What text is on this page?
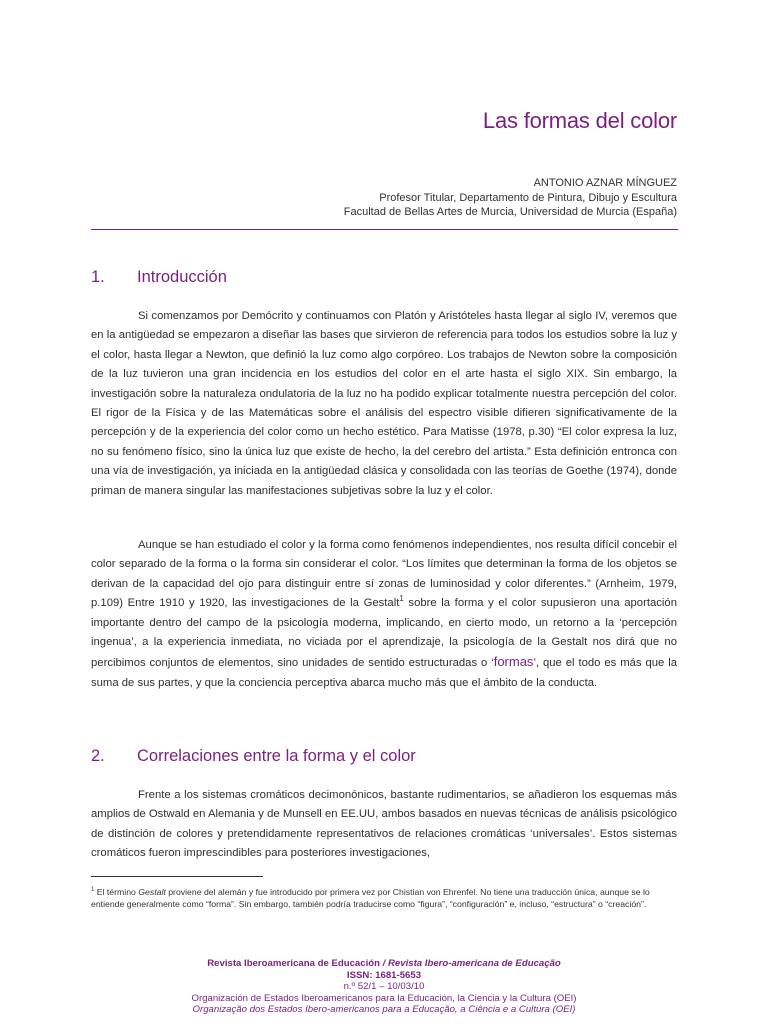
Las formas del color
ANTONIO AZNAR MÍNGUEZ
Profesor Titular, Departamento de Pintura, Dibujo y Escultura
Facultad de Bellas Artes de Murcia, Universidad de Murcia (España)
1. Introducción

Si comenzamos por Demócrito y continuamos con Platón y Aristóteles hasta llegar al siglo IV, veremos que en la antigüedad se empezaron a diseñar las bases que sirvieron de referencia para todos los estudios sobre la luz y el color, hasta llegar a Newton, que definió la luz como algo corpóreo. Los trabajos de Newton sobre la composición de la luz tuvieron una gran incidencia en los estudios del color en el arte hasta el siglo XIX. Sin embargo, la investigación sobre la naturaleza ondulatoria de la luz no ha podido explicar totalmente nuestra percepción del color. El rigor de la Física y de las Matemáticas sobre el análisis del espectro visible difieren significativamente de la percepción y de la experiencia del color como un hecho estético. Para Matisse (1978, p.30) “El color expresa la luz, no su fenómeno físico, sino la única luz que existe de hecho, la del cerebro del artista.” Esta definición entronca con una vía de investigación, ya iniciada en la antigüedad clásica y consolidada con las teorías de Goethe (1974), donde priman de manera singular las manifestaciones subjetivas sobre la luz y el color.

Aunque se han estudiado el color y la forma como fenómenos independientes, nos resulta difícil concebir el color separado de la forma o la forma sin considerar el color. “Los límites que determinan la forma de los objetos se derivan de la capacidad del ojo para distinguir entre sí zonas de luminosidad y color diferentes.” (Arnheim, 1979, p.109) Entre 1910 y 1920, las investigaciones de la Gestalt$^1$ sobre la forma y el color supusieron una aportación importante dentro del campo de la psicología moderna, implicando, en cierto modo, un retorno a la ‘percepción ingenua’, a la experiencia inmediata, no viciada por el aprendizaje, la psicología de la Gestalt nos dirá que no percibimos conjuntos de elementos, sino unidades de sentido estructuradas o ‘formas’, que el todo es más que la suma de sus partes, y que la conciencia perceptiva abarca mucho más que el ámbito de la conducta.

2. Correlaciones entre la forma y el color

Frente a los sistemas cromáticos decimonónicos, bastante rudimentarios, se añadieron los esquemas más amplios de Ostwald en Alemania y de Munsell en EE.UU, ambos basados en nuevas técnicas de análisis psicológico de distinción de colores y pretendidamente representativos de relaciones cromáticas ‘universales’. Estos sistemas cromáticos fueron imprescindibles para posteriores investigaciones,

$^1$ El término Gestalt proviene del alemán y fue introducido por primera vez por Chistian von Ehrenfel. No tiene una traducción única, aunque se lo entiende generalmente como “forma”. Sin embargo, también podría traducirse como “figura”, “configuración” e, incluso, “estructura” o “creación”.

Revista Iberoamericana de Educación / Revista Ibero-americana de Educação
ISSN: 1681-5653
n.º 52/1 – 10/03/10
Organización de Estados Iberoamericanos para la Educación, la Ciencia y la Cultura (OEI)
Organização dos Estados Ibero-americanos para a Educação, a Ciência e a Cultura (OEI)
